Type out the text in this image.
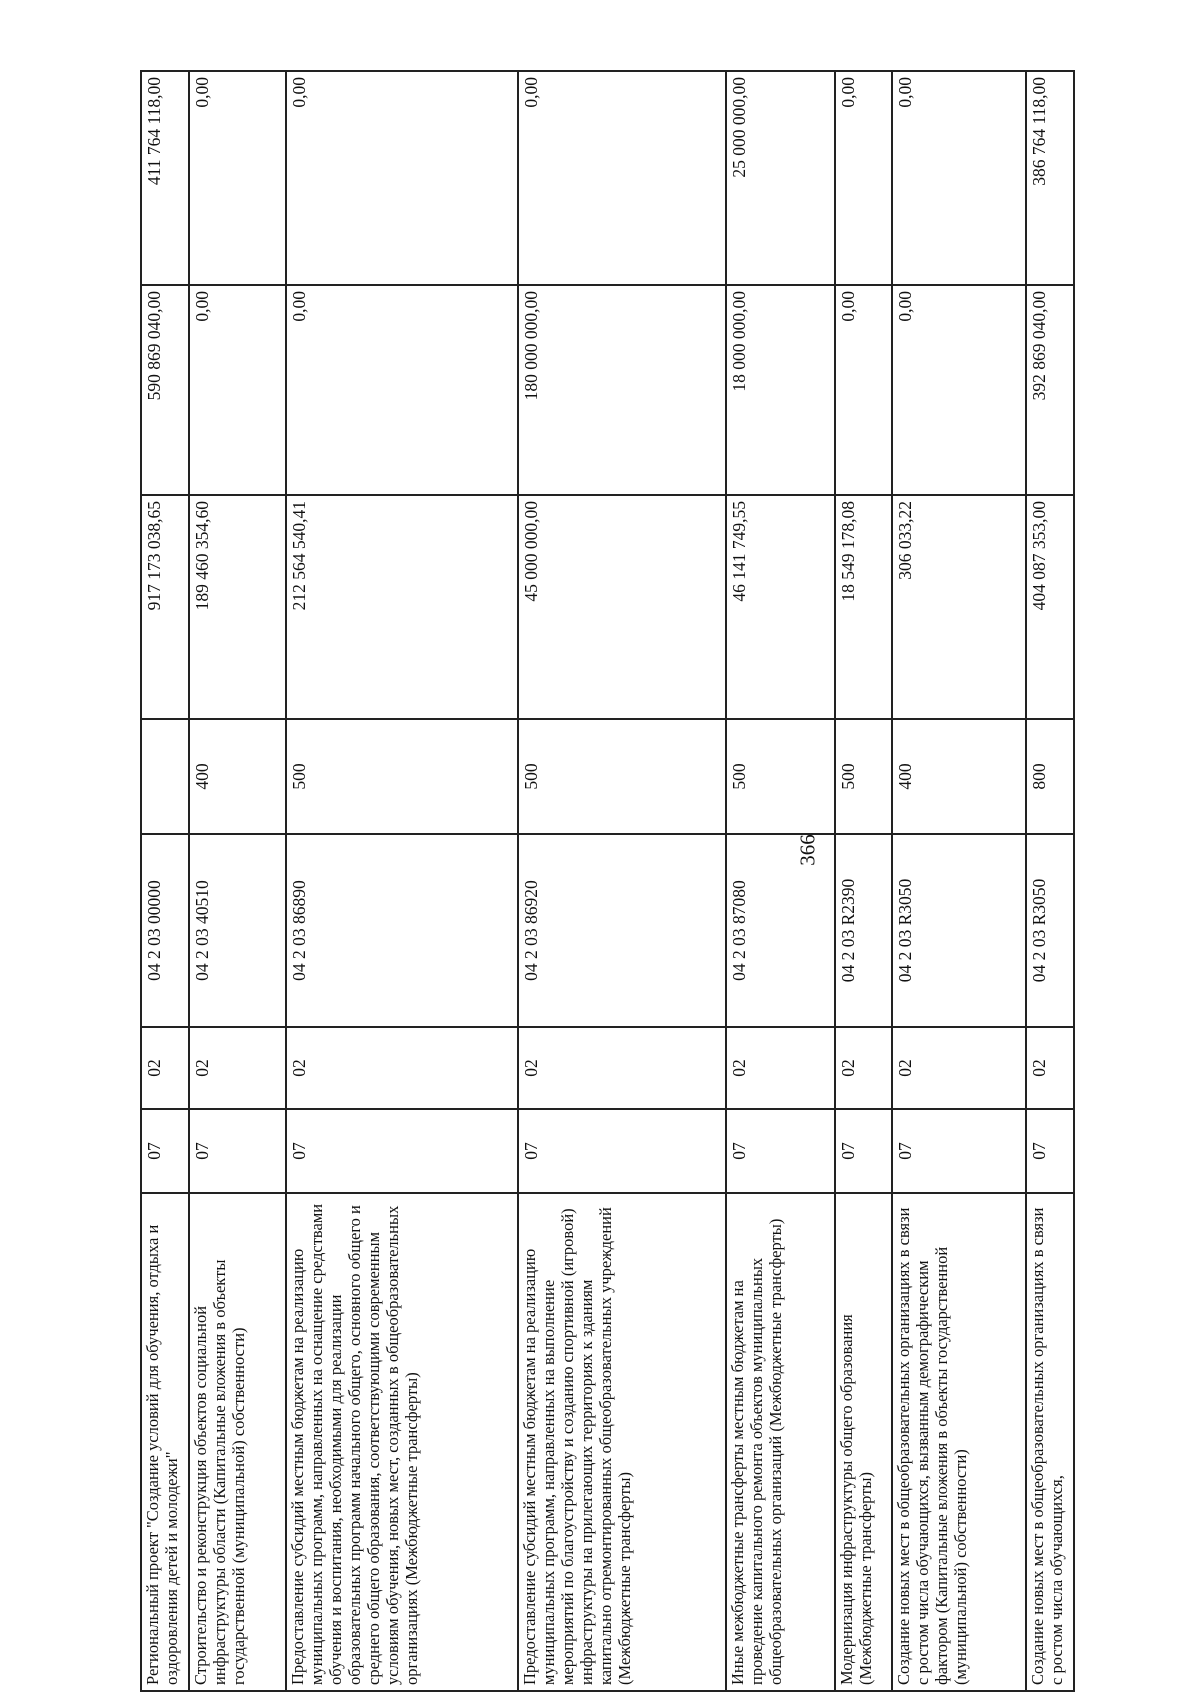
366
Региональный проект "Создание условий для обучения, отдыха и оздоровления детей и молодежи"	07	02	04 2 03 00000		917 173 038,65	590 869 040,00	411 764 118,00
Строительство и реконструкция объектов социальной инфраструктуры области (Капитальные вложения в объекты государственной (муниципальной) собственности)	07	02	04 2 03 40510	400	189 460 354,60	0,00	0,00
Предоставление субсидий местным бюджетам на реализацию муниципальных программ, направленных на оснащение средствами обучения и воспитания, необходимыми для реализации образовательных программ начального общего, основного общего и среднего общего образования, соответствующими современным условиям обучения, новых мест, созданных в общеобразовательных организациях (Межбюджетные трансферты)	07	02	04 2 03 86890	500	212 564 540,41	0,00	0,00
Предоставление субсидий местным бюджетам на реализацию муниципальных программ, направленных на выполнение мероприятий по благоустройству и созданию спортивной (игровой) инфраструктуры на прилегающих территориях к зданиям капитально отремонтированных общеобразовательных учреждений (Межбюджетные трансферты)	07	02	04 2 03 86920	500	45 000 000,00	180 000 000,00	0,00
Иные межбюджетные трансферты местным бюджетам на проведение капитального ремонта объектов муниципальных общеобразовательных организаций (Межбюджетные трансферты)	07	02	04 2 03 87080	500	46 141 749,55	18 000 000,00	25 000 000,00
Модернизация инфраструктуры общего образования (Межбюджетные трансферты)	07	02	04 2 03 R2390	500	18 549 178,08	0,00	0,00
Создание новых мест в общеобразовательных организациях в связи с ростом числа обучающихся, вызванным демографическим фактором (Капитальные вложения в объекты государственной (муниципальной) собственности)	07	02	04 2 03 R3050	400	306 033,22	0,00	0,00
Создание новых мест в общеобразовательных организациях в связи с ростом числа обучающихся,	07	02	04 2 03 R3050	800	404 087 353,00	392 869 040,00	386 764 118,00
